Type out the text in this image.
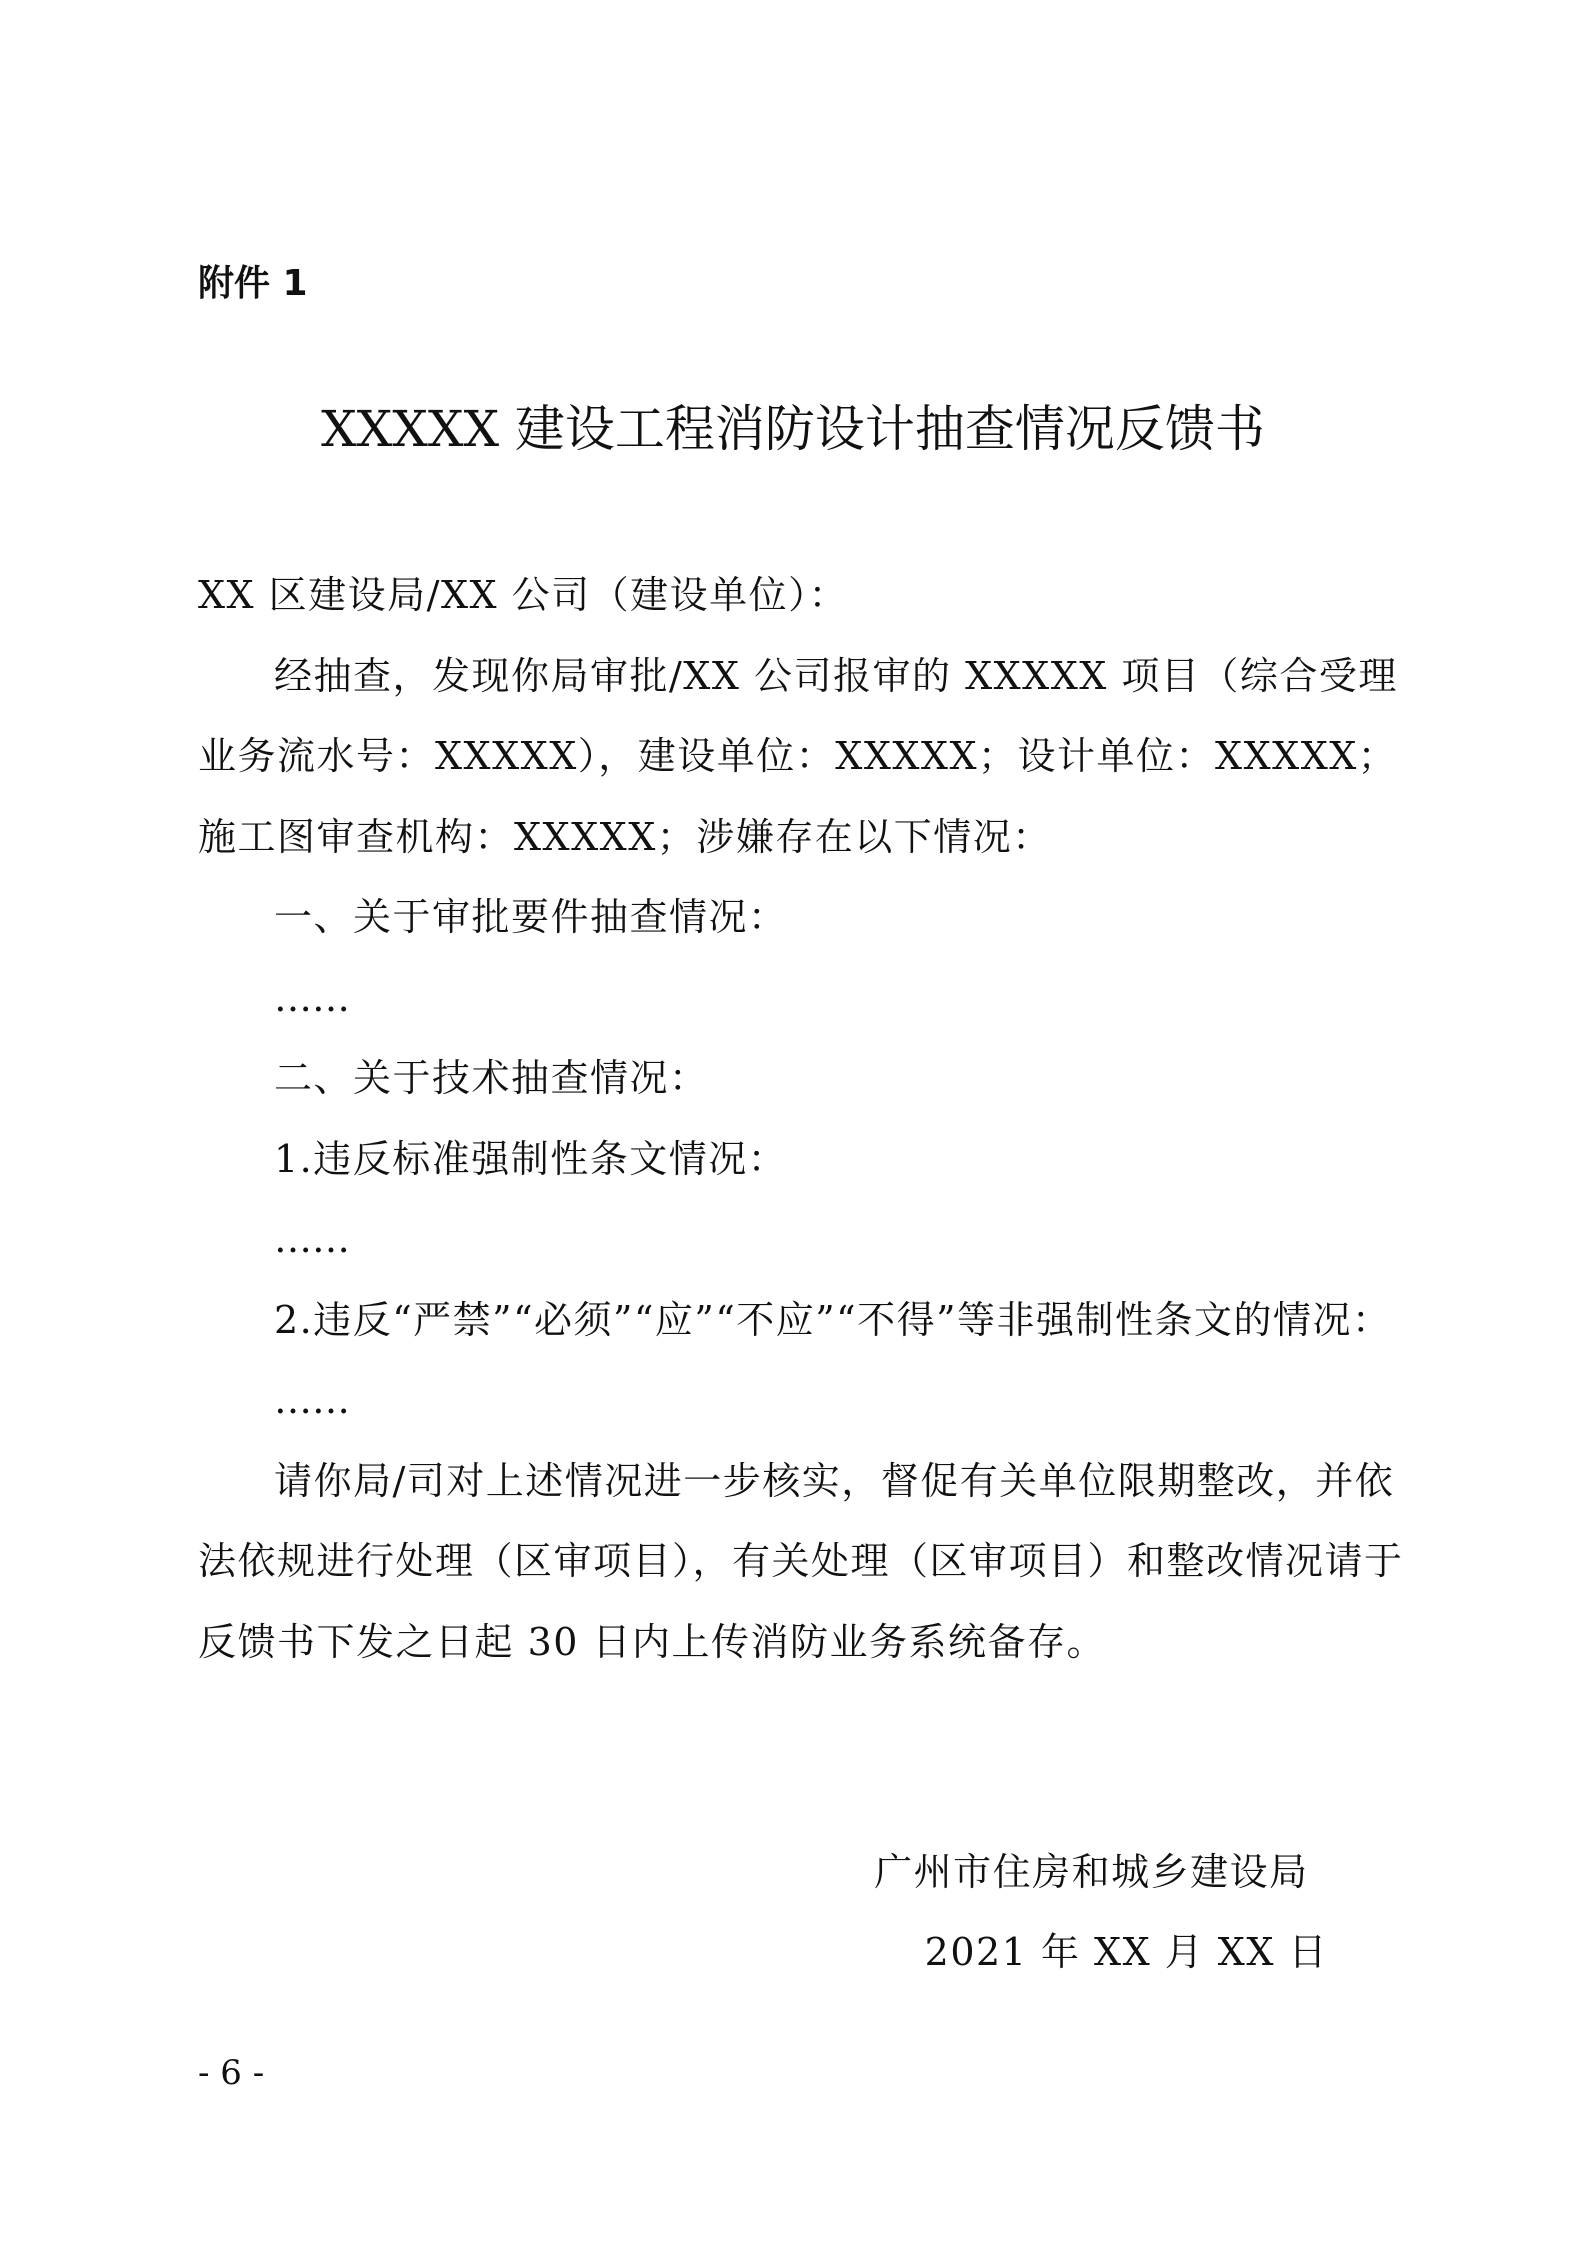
附件 1
XXXXX 建设工程消防设计抽查情况反馈书

XX 区建设局/XX 公司（建设单位）：

经抽查，发现你局审批/XX 公司报审的 XXXXX 项目（综合受理业务流水号：XXXXX），建设单位：XXXXX；设计单位：XXXXX；施工图审查机构：XXXXX；涉嫌存在以下情况：

一、关于审批要件抽查情况：

……

二、关于技术抽查情况：

1.违反标准强制性条文情况：

……

2.违反“严禁”“必须”“应”“不应”“不得”等非强制性条文的情况：

……

请你局/司对上述情况进一步核实，督促有关单位限期整改，并依法依规进行处理（区审项目），有关处理（区审项目）和整改情况请于反馈书下发之日起 30 日内上传消防业务系统备存。

广州市住房和城乡建设局
2021 年 XX 月 XX 日
- 6 -
